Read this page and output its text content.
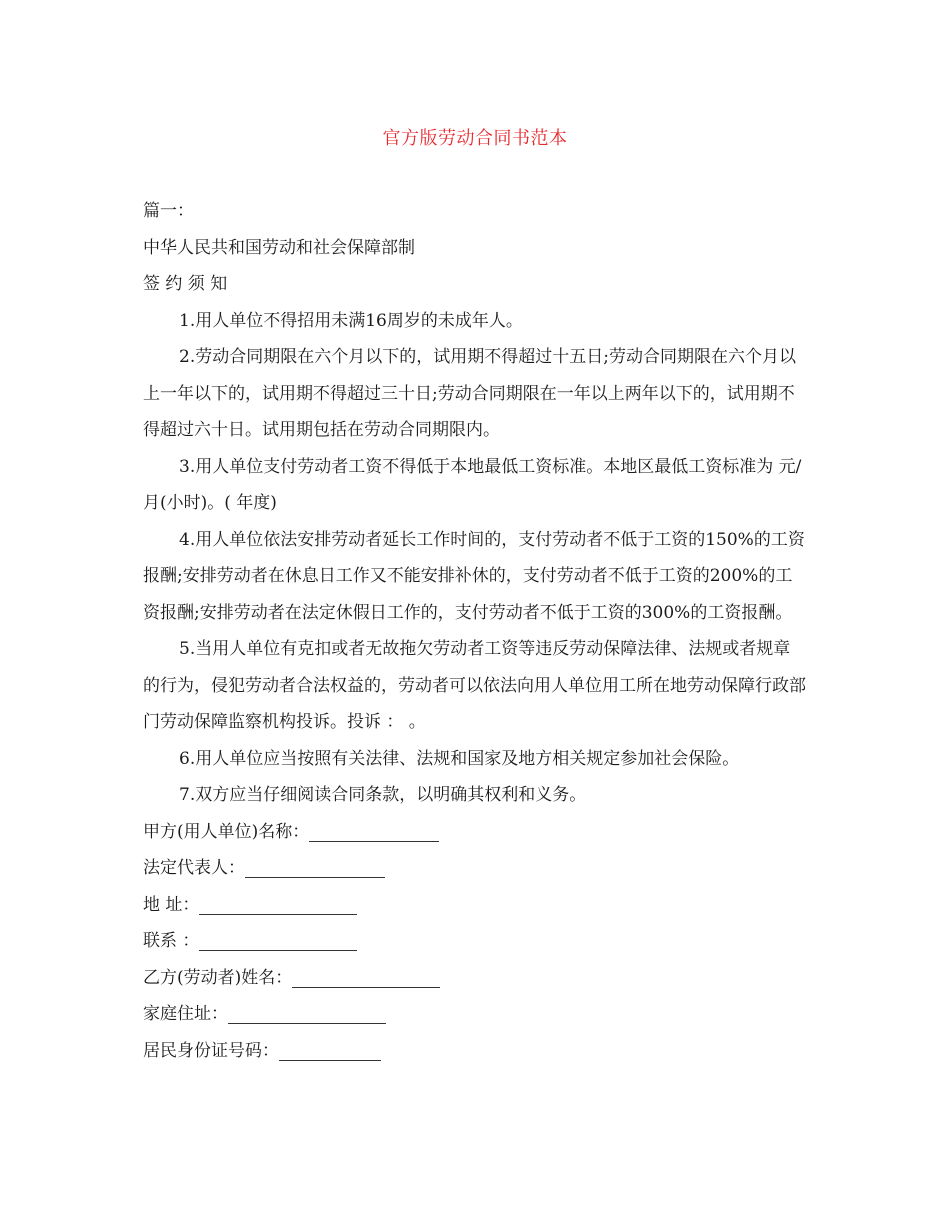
官方版劳动合同书范本

篇一：

中华人民共和国劳动和社会保障部制

签 约 须 知

1.用人单位不得招用未满16周岁的未成年人。

2.劳动合同期限在六个月以下的，试用期不得超过十五日;劳动合同期限在六个月以上一年以下的，试用期不得超过三十日;劳动合同期限在一年以上两年以下的，试用期不得超过六十日。试用期包括在劳动合同期限内。

3.用人单位支付劳动者工资不得低于本地最低工资标准。本地区最低工资标准为 元/月(小时)。( 年度)

4.用人单位依法安排劳动者延长工作时间的，支付劳动者不低于工资的150%的工资报酬;安排劳动者在休息日工作又不能安排补休的，支付劳动者不低于工资的200%的工资报酬;安排劳动者在法定休假日工作的，支付劳动者不低于工资的300%的工资报酬。

5.当用人单位有克扣或者无故拖欠劳动者工资等违反劳动保障法律、法规或者规章的行为，侵犯劳动者合法权益的，劳动者可以依法向用人单位用工所在地劳动保障行政部门劳动保障监察机构投诉。投诉 ： 。

6.用人单位应当按照有关法律、法规和国家及地方相关规定参加社会保险。

7.双方应当仔细阅读合同条款，以明确其权利和义务。

甲方(用人单位)名称：

法定代表人：

地 址：

联系 ：

乙方(劳动者)姓名：

家庭住址：

居民身份证号码：
